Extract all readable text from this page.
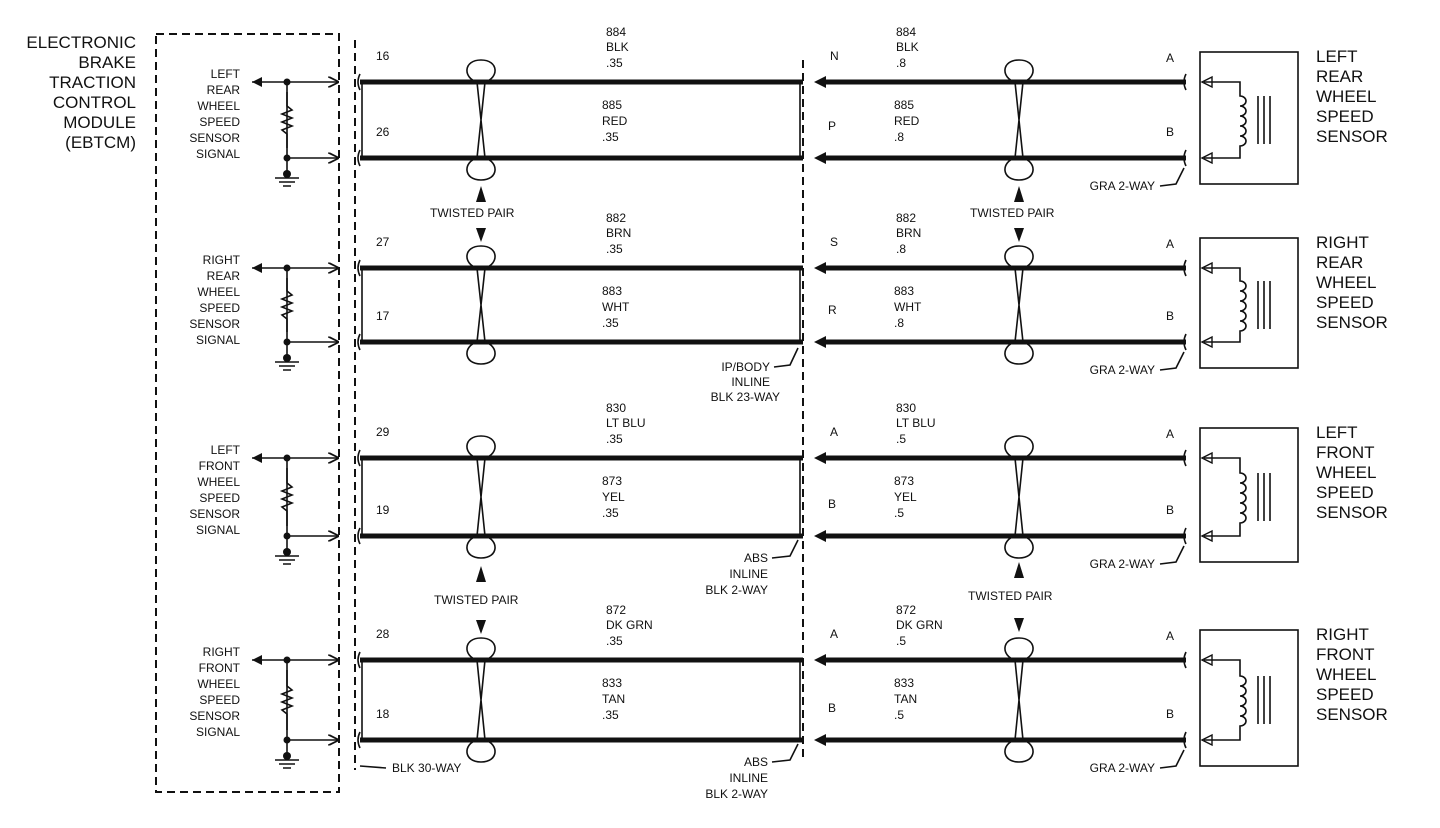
ELECTRONIC
BRAKE
TRACTION
CONTROL
MODULE
(EBTCM)
BLK 30-WAY
LEFT
REAR
WHEEL
SPEED
SENSOR
SIGNAL
16
26
884
BLK
.35
885
RED
.35
N
P
884
BLK
.8
885
RED
.8
A
B
GRA 2-WAY
LEFT
REAR
WHEEL
SPEED
SENSOR
RIGHT
REAR
WHEEL
SPEED
SENSOR
SIGNAL
27
17
882
BRN
.35
883
WHT
.35
S
R
882
BRN
.8
883
WHT
.8
A
B
GRA 2-WAY
RIGHT
REAR
WHEEL
SPEED
SENSOR
LEFT
FRONT
WHEEL
SPEED
SENSOR
SIGNAL
29
19
830
LT BLU
.35
873
YEL
.35
A
B
830
LT BLU
.5
873
YEL
.5
A
B
GRA 2-WAY
LEFT
FRONT
WHEEL
SPEED
SENSOR
RIGHT
FRONT
WHEEL
SPEED
SENSOR
SIGNAL
28
18
872
DK GRN
.35
833
TAN
.35
A
B
872
DK GRN
.5
833
TAN
.5
A
B
GRA 2-WAY
RIGHT
FRONT
WHEEL
SPEED
SENSOR
TWISTED PAIR	TWISTED PAIR
TWISTED PAIR	TWISTED PAIR
IP/BODY
INLINE
BLK 23-WAY
ABS
INLINE
BLK 2-WAY
ABS
INLINE
BLK 2-WAY
